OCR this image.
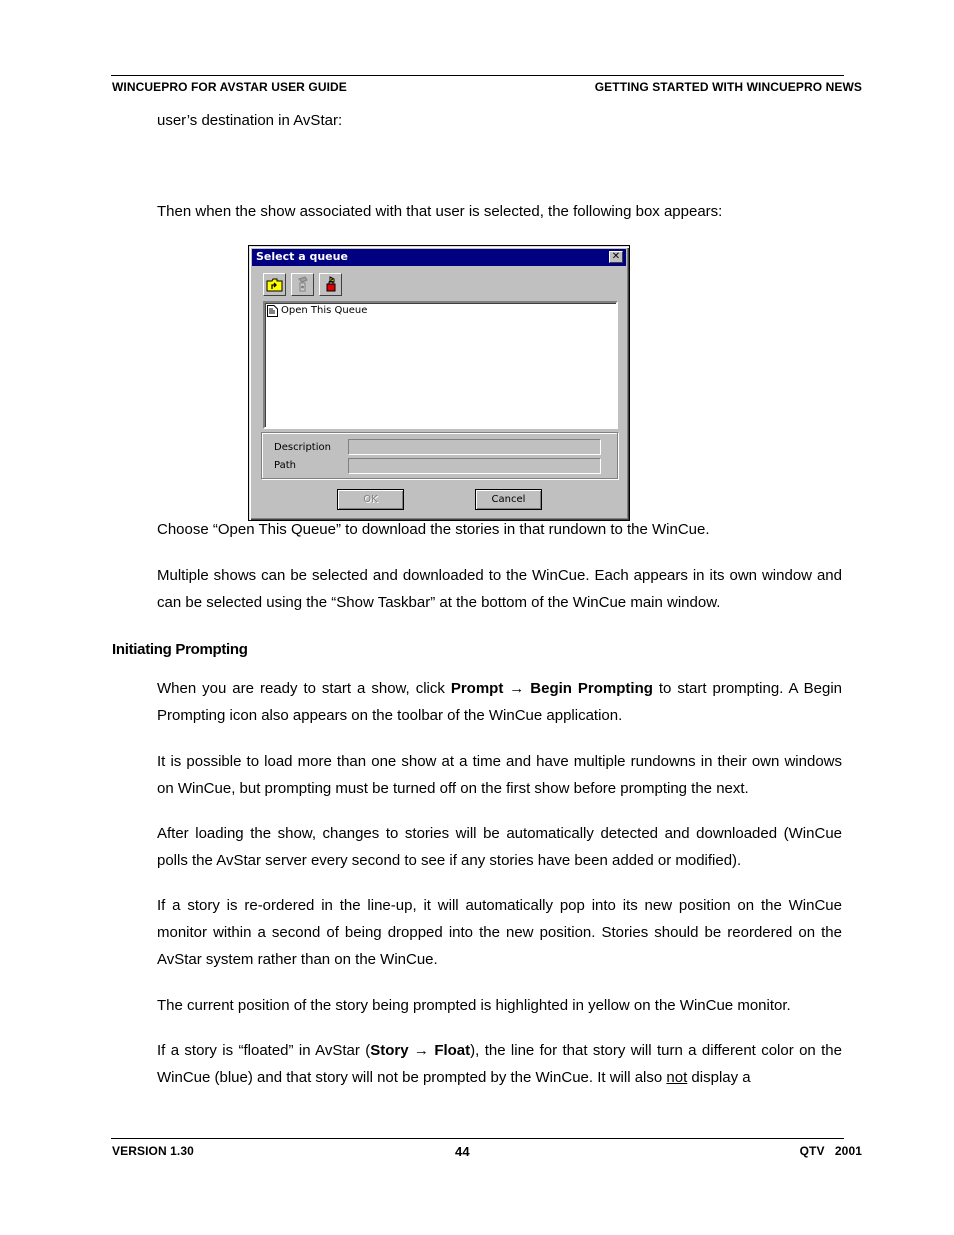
WINCUEPRO FOR AVSTAR USER GUIDE	GETTING STARTED WITH WINCUEPRO NEWS
user’s destination in AvStar:
Then when the show associated with that user is selected, the following box appears:
Select a queue	✕
Open This Queue
Description
Path
OK	Cancel
Choose “Open This Queue” to download the stories in that rundown to the WinCue.
Multiple shows can be selected and downloaded to the WinCue. Each appears in its own window and can be selected using the “Show Taskbar” at the bottom of the WinCue main window.
Initiating Prompting
When you are ready to start a show, click Prompt → Begin Prompting to start prompting. A Begin Prompting icon also appears on the toolbar of the WinCue application.
It is possible to load more than one show at a time and have multiple rundowns in their own windows on WinCue, but prompting must be turned off on the first show before prompting the next.
After loading the show, changes to stories will be automatically detected and downloaded (WinCue polls the AvStar server every second to see if any stories have been added or modified).
If a story is re-ordered in the line-up, it will automatically pop into its new position on the WinCue monitor within a second of being dropped into the new position. Stories should be reordered on the AvStar system rather than on the WinCue.
The current position of the story being prompted is highlighted in yellow on the WinCue monitor.
If a story is “floated” in AvStar (Story → Float), the line for that story will turn a different color on the WinCue (blue) and that story will not be prompted by the WinCue. It will also not display a
VERSION 1.30	44	QTV   2001
